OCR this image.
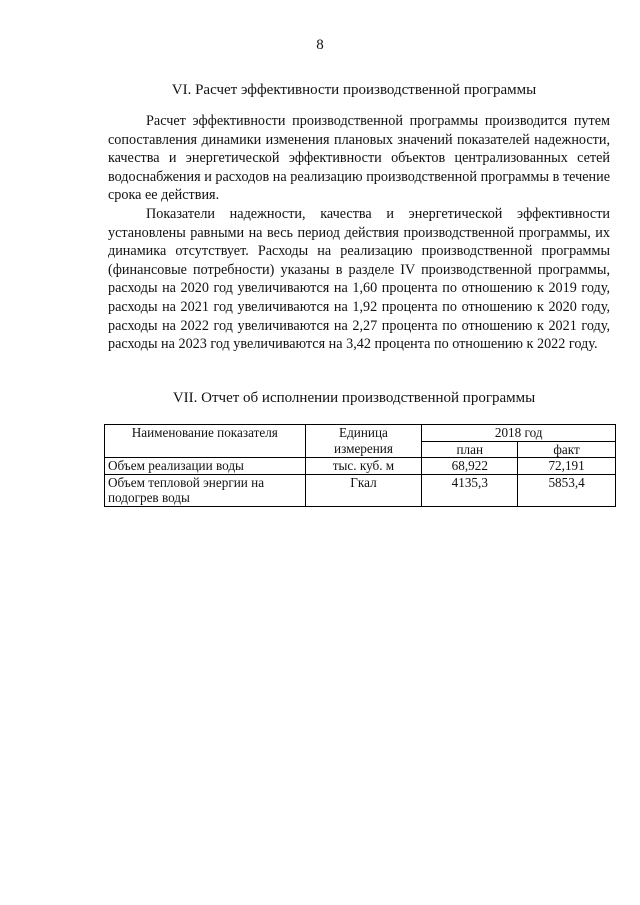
8
VI. Расчет эффективности производственной программы

Расчет эффективности производственной программы производится путем сопоставления динамики изменения плановых значений показателей надежности, качества и энергетической эффективности объектов централизованных сетей водоснабжения и расходов на реализацию производственной программы в течение срока ее действия.

Показатели надежности, качества и энергетической эффективности установлены равными на весь период действия производственной программы, их динамика отсутствует. Расходы на реализацию производственной программы (финансовые потребности) указаны в разделе IV производственной программы, расходы на 2020 год увеличиваются на 1,60 процента по отношению к 2019 году, расходы на 2021 год увеличиваются на 1,92 процента по отношению к 2020 году, расходы на 2022 год увеличиваются на 2,27 процента по отношению к 2021 году, расходы на 2023 год увеличиваются на 3,42 процента по отношению к 2022 году.

VII. Отчет об исполнении производственной программы
Наименование показателя	Единица измерения	2018 год	
		план	факт
Объем реализации воды	тыс. куб. м	68,922	72,191
Объем тепловой энергии на подогрев воды	Гкал	4135,3	5853,4
